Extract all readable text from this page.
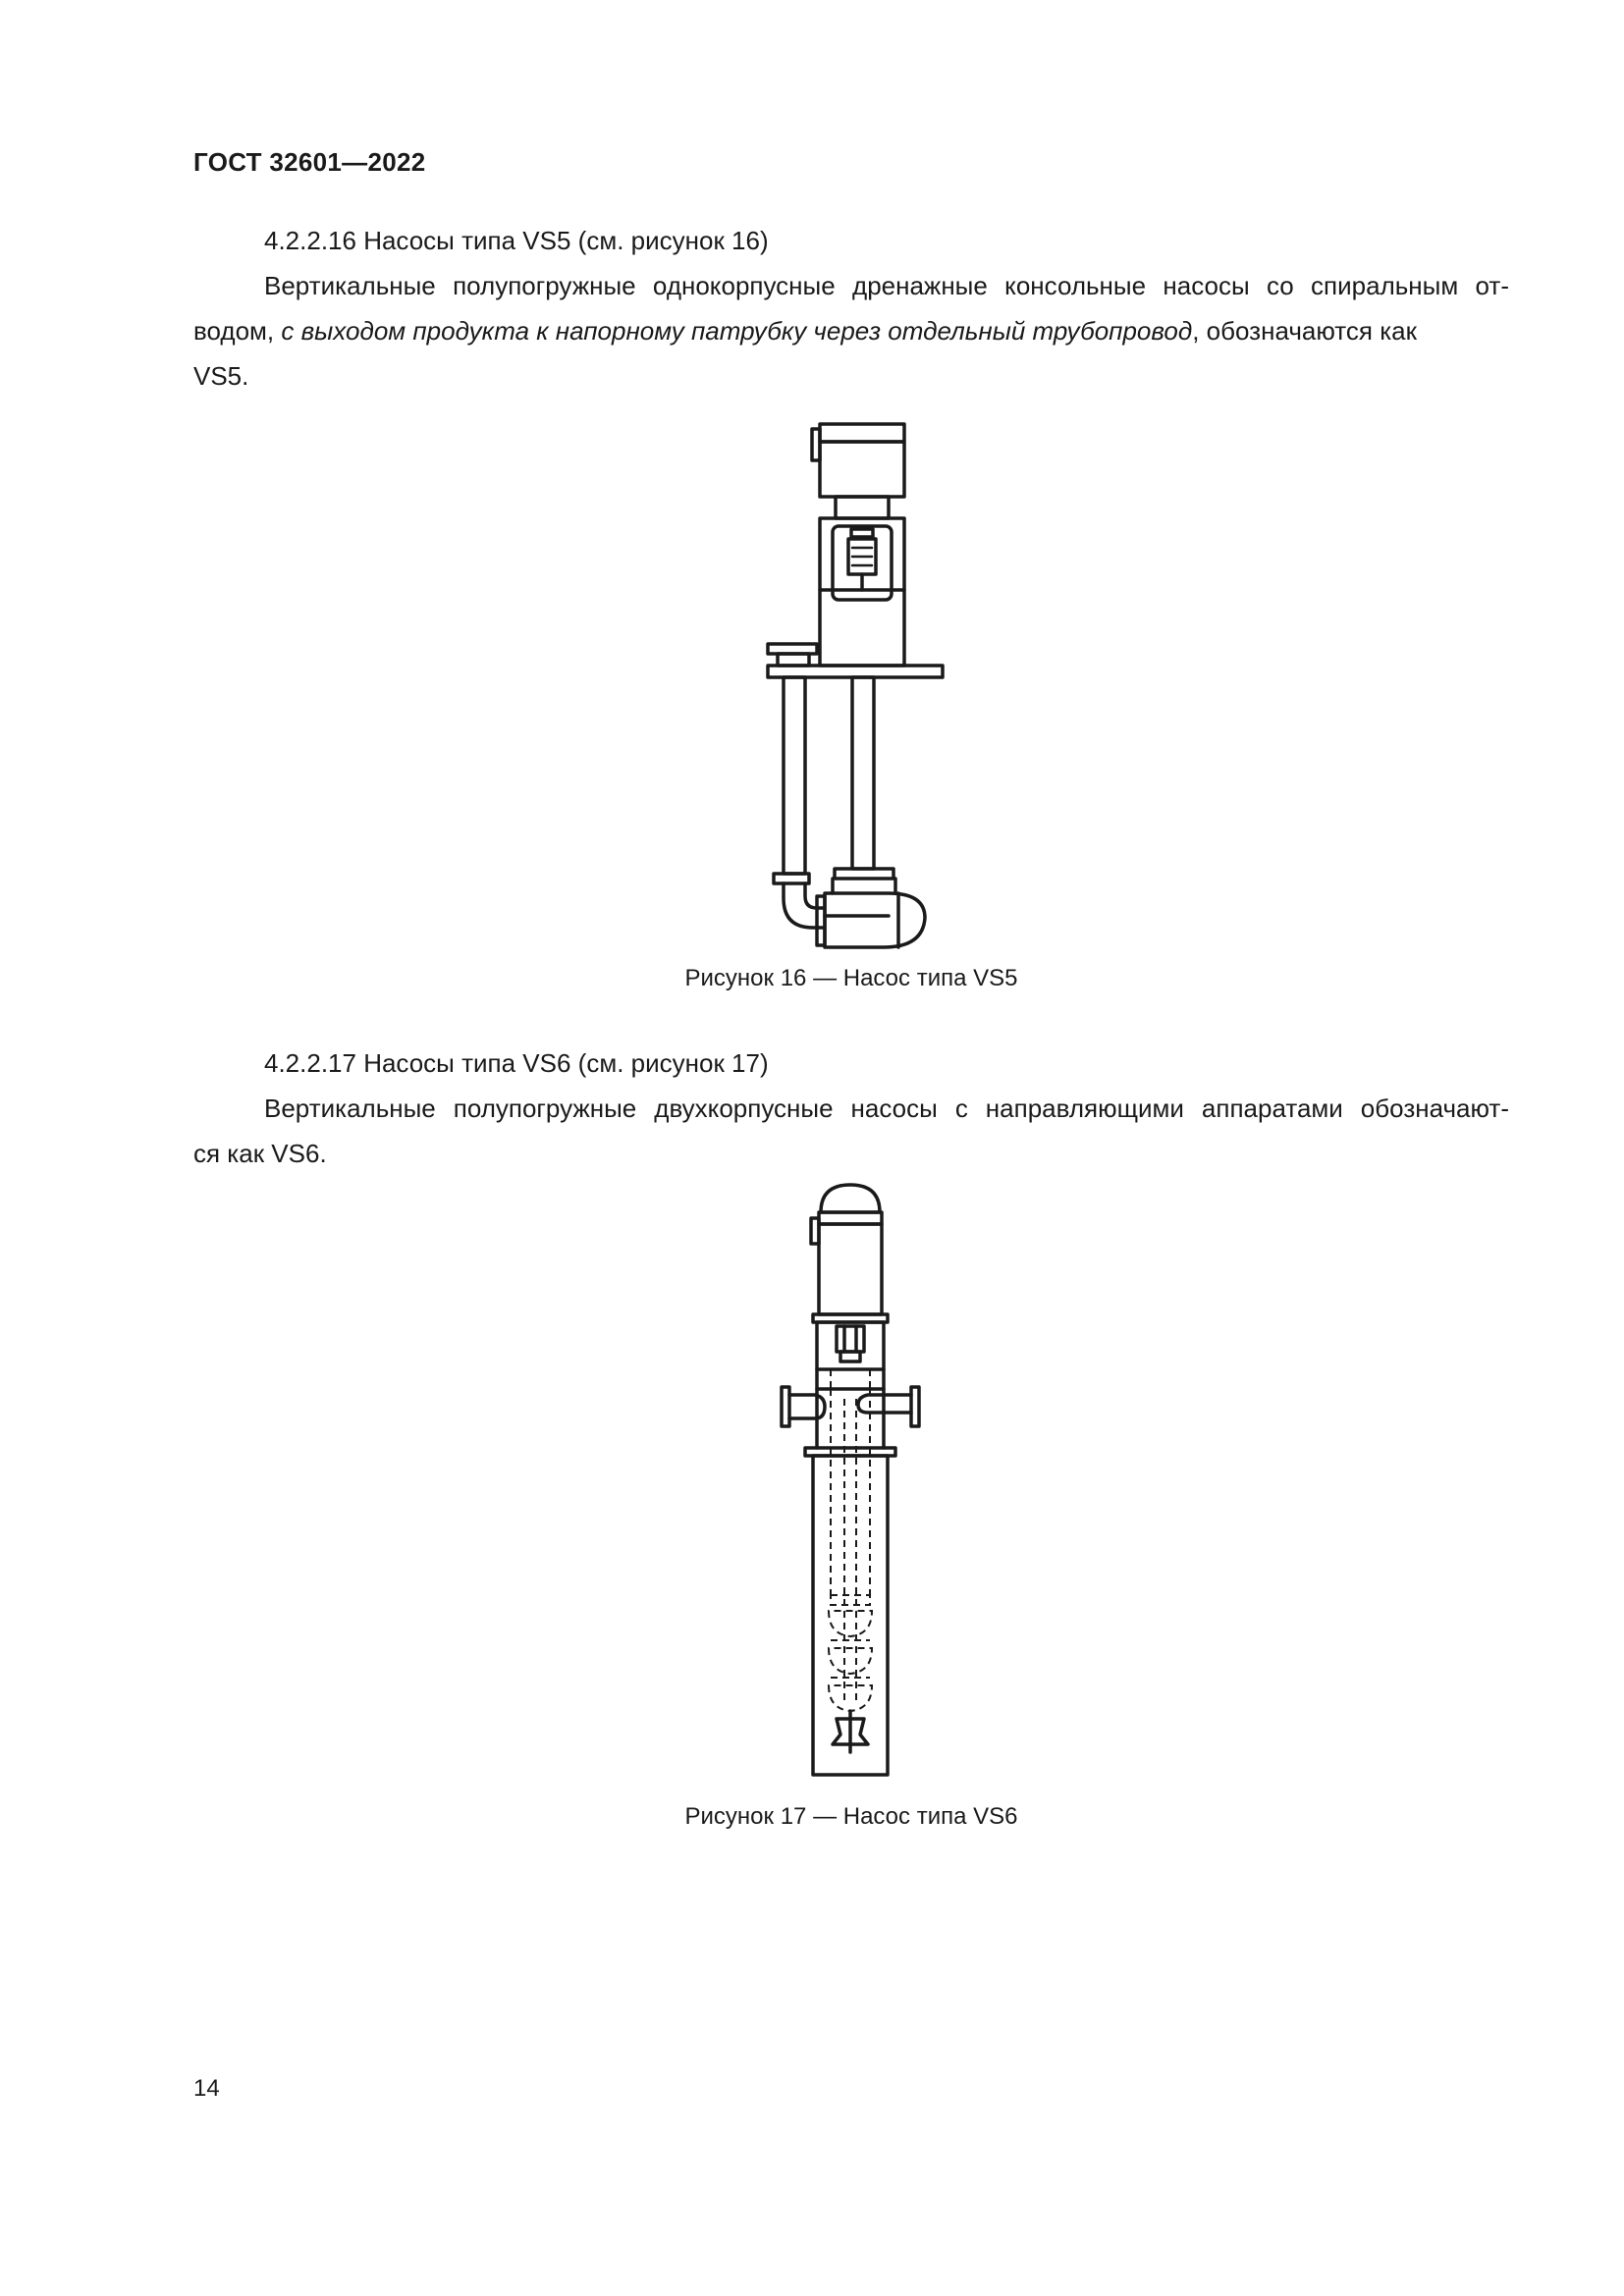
ГОСТ 32601—2022
4.2.2.16 Насосы типа VS5 (см. рисунок 16)
Вертикальные полупогружные однокорпусные дренажные консольные насосы со спиральным от-
водом, с выходом продукта к напорному патрубку через отдельный трубопровод, обозначаются как
VS5.
Рисунок 16 — Насос типа VS5
4.2.2.17 Насосы типа VS6 (см. рисунок 17)
Вертикальные полупогружные двухкорпусные насосы с направляющими аппаратами обозначают-
ся как VS6.
Рисунок 17 — Насос типа VS6
14
